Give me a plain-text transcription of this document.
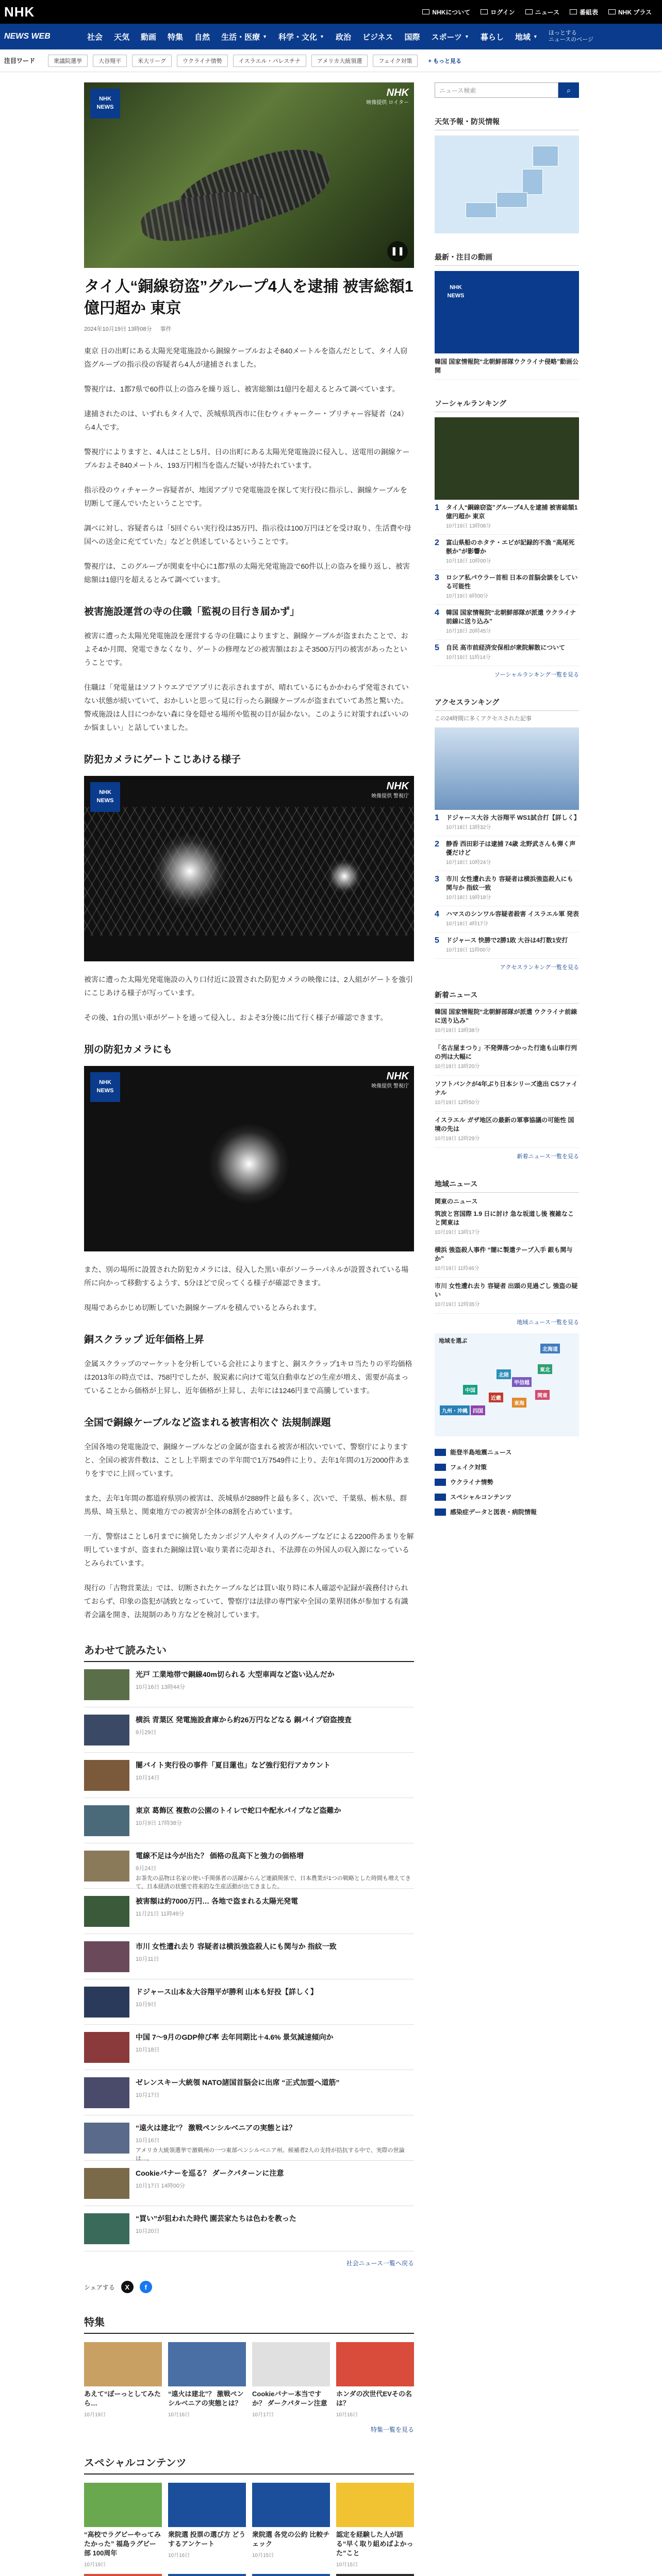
NHK	NHKについて	ログイン	ニュース	番組表	NHK プラス
NEWS WEB	社会 天気 動画 特集 自然 生活・医療 ▼ 科学・文化 ▼ 政治 ビジネス 国際 スポーツ ▼ 暮らし 地域 ▼
ほっとする
ニュースのページ
注目ワード	衆議院選挙	大谷翔平	米大リーグ	ウクライナ情勢	イスラエル・パレスチナ	アメリカ大統領選	フェイク対策	+ もっと見る
NHK
NEWS
NHK
映像提供 ロイター
❚❚
タイ人“銅線窃盗”グループ4人を逮捕 被害総額1億円超か 東京
2024年10月19日 13時08分 事件

東京 日の出町にある太陽光発電施設から銅線ケーブルおよそ840メートルを盗んだとして、タイ人窃盗グループの指示役の容疑者ら4人が逮捕されました。

警視庁は、1都7県で60件以上の盗みを繰り返し、被害総額は1億円を超えるとみて調べています。

逮捕されたのは、いずれもタイ人で、茨城県筑西市に住むウィチャークー・プリチャー容疑者（24）ら4人です。

警視庁によりますと、4人はことし5月、日の出町にある太陽光発電施設に侵入し、送電用の銅線ケーブルおよそ840メートル、193万円相当を盗んだ疑いが持たれています。

指示役のウィチャークー容疑者が、地図アプリで発電施設を探して実行役に指示し、銅線ケーブルを切断して運んでいたということです。

調べに対し、容疑者らは「5回ぐらい実行役は35万円、指示役は100万円ほどを受け取り、生活費や母国への送金に充てていた」などと供述しているということです。

警視庁は、このグループが関東を中心に1都7県の太陽光発電施設で60件以上の盗みを繰り返し、被害総額は1億円を超えるとみて調べています。

被害施設運営の寺の住職「監視の目行き届かず」

被害に遭った太陽光発電施設を運営する寺の住職によりますと、銅線ケーブルが盗まれたことで、およそ4か月間、発電できなくなり、ゲートの修理などの被害額はおよそ3500万円の被害があったということです。

住職は「発電量はソフトウエアでアプリに表示されますが、晴れているにもかかわらず発電されていない状態が続いていて、おかしいと思って見に行ったら銅線ケーブルが盗まれていてあ然と驚いた。警戒施設は人目につかない森に身を隠せる場所や監視の目が届かない。このように対策すればいいのか悩ましい」と話していました。

防犯カメラにゲートこじあける様子
NHK
NEWS
NHK
映像提供 警視庁

被害に遭った太陽光発電施設の入り口付近に設置された防犯カメラの映像には、2人組がゲートを強引にこじあける様子が写っています。

その後、1台の黒い車がゲートを通って侵入し、およそ3分後に出て行く様子が確認できます。

別の防犯カメラにも
NHK
NEWS
NHK
映像提供 警視庁

また、別の場所に設置された防犯カメラには、侵入した黒い車がソーラーパネルが設置されている場所に向かって移動するようす、5分ほどで戻ってくる様子が確認できます。

現場であらかじめ切断していた銅線ケーブルを積んでいるとみられます。

銅スクラップ 近年価格上昇

金属スクラップのマーケットを分析している会社によりますと、銅スクラップ1キロ当たりの平均価格は2013年の時点では、758円でしたが、脱炭素に向けて電気自動車などの生産が増え、需要が高まっていることから価格が上昇し、近年価格が上昇し、去年には1246円まで高騰しています。

全国で銅線ケーブルなど盗まれる被害相次ぐ 法規制課題

全国各地の発電施設で、銅線ケーブルなどの金属が盗まれる被害が相次いでいて、警察庁によりますと、全国の被害件数は、ことし上半期までの半年間で1万7549件に上り、去年1年間の1万2000件あまりをすでに上回っています。

また、去年1年間の都道府県別の被害は、茨城県が2889件と最も多く、次いで、千葉県、栃木県、群馬県、埼玉県と、関東地方での被害が全体の8割を占めています。

一方、警察はことし6月までに摘発したカンボジア人やタイ人のグループなどによる2200件あまりを解明していますが、盗まれた銅線は買い取り業者に売却され、不法滞在の外国人の収入源になっているとみられています。

現行の「古物営業法」では、切断されたケーブルなどは買い取り時に本人確認や記録が義務付けられておらず、印象の盗犯が誘致となっていて、警察庁は法律の専門家や全国の業界団体が参加する有識者会議を開き、法規制のあり方などを検討しています。

あわせて読みたい
光戸 工業地帯で銅線40m切られる 大型車両など盗い込んだか
10月16日 13時44分
横浜 青葉区 発電施設倉庫から約26万円などなる 銅パイプ窃盗捜査
9月29日
闇バイト実行役の事件「夏目蓮也」など強行犯行アカウント
10月14日
東京 葛飾区 複数の公園のトイレで蛇口や配水パイプなど盗難か
10月9日 17時38分
電線不足は今が出た？ 価格の乱高下と強力の価格増
9月24日
お茶先の品物は名家の使い手関係者の活躍からんど連鎖関係で、日本農業が1つの戦略とした時間も増えてきて、日本経済の状態で将来的な生産活動が出てきました。
被害額は約7000万円… 各地で盗まれる太陽光発電
11月21日 11時49分
市川 女性遭れ去り 容疑者は横浜強盗殺人にも関与か 指紋一致
10月11日
ドジャース山本＆大谷翔平が勝利 山本も好投【詳しく】
10月9日
中国 7～9月のGDP伸び率 去年同期比＋4.6% 景気減速傾向か
10月18日
ゼレンスキー大統領 NATO諸国首脳会に出席 “正式加盟へ道筋”
10月17日
“遠火は建北”？ 激戦ペンシルベニアの実態とは？
10月16日
アメリカ大統領選挙で激戦州の一つ東部ペンシルベニア州。候補者2人の支持が拮抗する中で、実際の世論は…。
Cookieバナーを巡る？ ダークパターンに注意
10月17日 14時00分
“買い”が狙われた時代 園芸家たちは色わを教った
10月20日
社会ニュース一覧へ戻る
シェアする	X	f
特集
あえて“ぼーっとしてみたら…
10月19日
“遠火は建北”？ 激戦ペンシルベニアの実態とは？
10月16日
Cookieバナー本当ですか？ ダークパターン注意
10月17日
ホンダの次世代EVその名は？
10月16日
特集一覧を見る
スペシャルコンテンツ
“高校でラグビーやってみたかった” 福島ラグビー部 100周年
10月19日
衆院選 投票の選び方 どうするアンケート
10月16日
衆院選 各党の公約 比較チェック
10月15日
認定を経験した人が語る“早く取り組めばよかった”こと
10月15日
ニュース検索	⌕
天気予報・防災情報
最新・注目の動画
NHK
NEWS
韓国 国家情報院“北朝鮮部隊ウクライナ侵略”動画公開
ソーシャルランキング
1	タイ人“銅線窃盗”グループ4人を逮捕 被害総額1億円超か 東京
10月19日 13時08分
2	富山県船のホタテ・エビが記録的不漁 “高尾死骸か”が影響か
10月19日 10時00分
3	ロシア私パウラー首相 日本の首脳会談をしている可能性
10月19日 6時00分
4	韓国 国家情報院“北朝鮮部隊が派遣 ウクライナ前線に送り込み”
10月18日 20時45分
5	自民 高市前経済安保相が衆院解散について
10月19日 11時14分
ソーシャルランキング一覧を見る
アクセスランキング
この24時間に多くアクセスされた記事
1	ドジャース大谷 大谷翔平 WS1試合打【詳しく】
10月18日 13時32分
2	静香 西田彩子は逮捕 74歳 北野武さんも弾く声優だけど
10月18日 10時24分
3	市川 女性遭れ去り 容疑者は横浜強盗殺人にも関与か 指紋一致
10月18日 19時18分
4	ハマスのシンワル容疑者殺害 イスラエル軍 発表
10月18日 4時17分
5	ドジャース 快勝で2勝1敗 大谷は4打数1安打
10月19日 11時00分
アクセスランキング一覧を見る
新着ニュース
韓国 国家情報院“北朝鮮部隊が派遣 ウクライナ前線に送り込み”
10月19日 13時38分
「名古屋まつり」不発弾落つかった行進も山車行列の列は大幅に
10月19日 13時20分
ソフトバンクが4年ぶり日本シリーズ進出 CSファイナル
10月19日 12時50分
イスラエル ガザ地区の最新の軍事協議の可能性 国境の先は
10月19日 12時29分
新着ニュース一覧を見る
地域ニュース
関東のニュース
筑波と宮国際 1.9 日に討け 急な坂道し後 複雑なこと関東は
10月19日 13時17分
横浜 強盗殺人事件 “闇に製遣テープ入手 銀も関与か”
10月19日 11時46分
市川 女性遭れ去り 容疑者 出頭の見過ごし 強盗の疑い
10月19日 12時35分
地域ニュース一覧を見る
地域を選ぶ
北海道
東北
関東
甲信越
北陸
東海
近畿
中国
四国
九州・沖縄
能登半島地震ニュース
フェイク対策
ウクライナ情勢
スペシャルコンテンツ
感染症データと図表・病院情報
